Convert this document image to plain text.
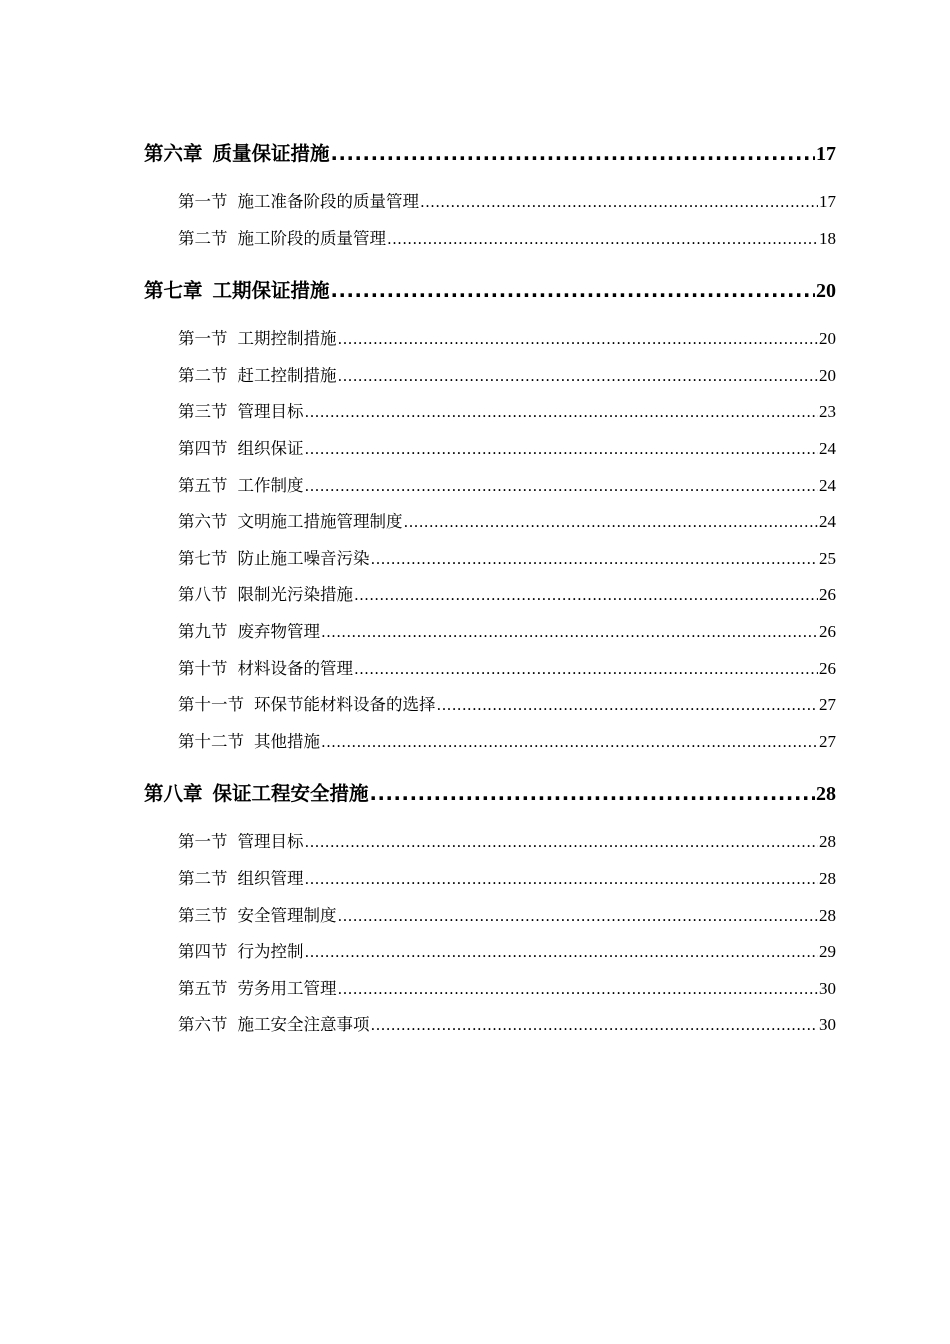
第六章 质量保证措施 .....	17
第一节 施工准备阶段的质量管理 .....	17
第二节 施工阶段的质量管理 .....	18
第七章 工期保证措施 .....	20
第一节 工期控制措施 .....	20
第二节 赶工控制措施 .....	20
第三节 管理目标 .....	23
第四节 组织保证 .....	24
第五节 工作制度 .....	24
第六节 文明施工措施管理制度 .....	24
第七节 防止施工噪音污染 .....	25
第八节 限制光污染措施 .....	26
第九节 废弃物管理 .....	26
第十节 材料设备的管理 .....	26
第十一节 环保节能材料设备的选择 .....	27
第十二节 其他措施 .....	27
第八章 保证工程安全措施 .....	28
第一节 管理目标 .....	28
第二节 组织管理 .....	28
第三节 安全管理制度 .....	28
第四节 行为控制 .....	29
第五节 劳务用工管理 .....	30
第六节 施工安全注意事项 .....	30
